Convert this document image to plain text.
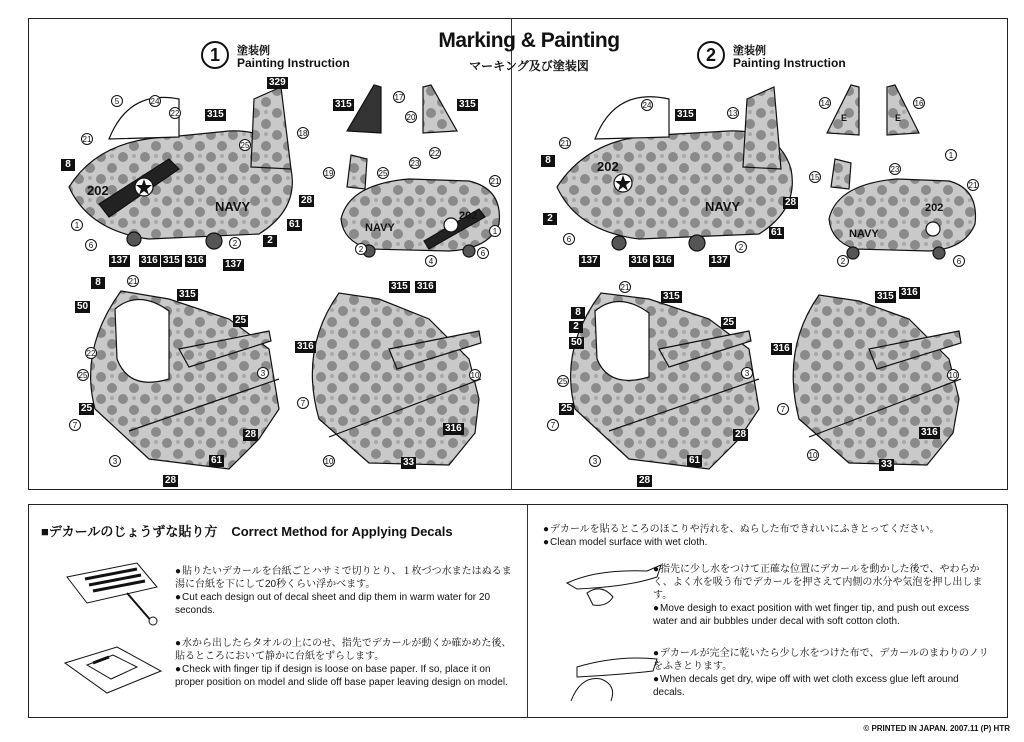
Marking & Painting
マーキング及び塗装図
1	塗装例
Painting Instruction	2	塗装例
Painting Instruction
202
NAVY
NAVY
202
202
NAVY
E	E
NAVY
202
329
315
315	315
8
28
61
2
137 316 315 316 137
8
50
315
25
25
28
61
28
315 316
316
316
33
5	24
22
21
18
25
1
6	2
17
20
19	25
23
22
21
1
2
4
6
21
22
25
7
3
3
10
7
10
315
8
28
2
61
137	316 316	137
8
2
50
315
25
25
28
61
28
315 316
316
316
33
24
21
13
14	16
6
2
1
23
15
21
2	6
21
25
7
3
3
10
7
10
■デカールのじょうずな貼り方 Correct Method for Applying Decals

● 貼りたいデカールを台紙ごとハサミで切りとり、１枚づつ水またはぬるま湯に台紙を下にして20秒くらい浮かべます。

● Cut each design out of decal sheet and dip them in warm water for 20 seconds.

● 水から出したらタオルの上にのせ、指先でデカールが動くか確かめた後、貼るところにおいて静かに台紙をずらします。

● Check with finger tip if design is loose on base paper. If so, place it on proper position on model and slide off base paper leaving design on model.

● デカールを貼るところのほこりや汚れを、ぬらした布できれいにふきとってください。

● Clean model surface with wet cloth.

● 指先に少し水をつけて正確な位置にデカールを動かした後で、やわらかく、よく水を吸う布でデカールを押さえて内側の水分や気泡を押し出します。

● Move desigh to exact position with wet finger tip, and push out excess water and air bubbles under decal with soft cotton cloth.

● デカールが完全に乾いたら少し水をつけた布で、デカールのまわりのノリをふきとります。

● When decals get dry, wipe off with wet cloth excess glue left around decals.

© PRINTED IN JAPAN. 2007.11 (P) HTR
